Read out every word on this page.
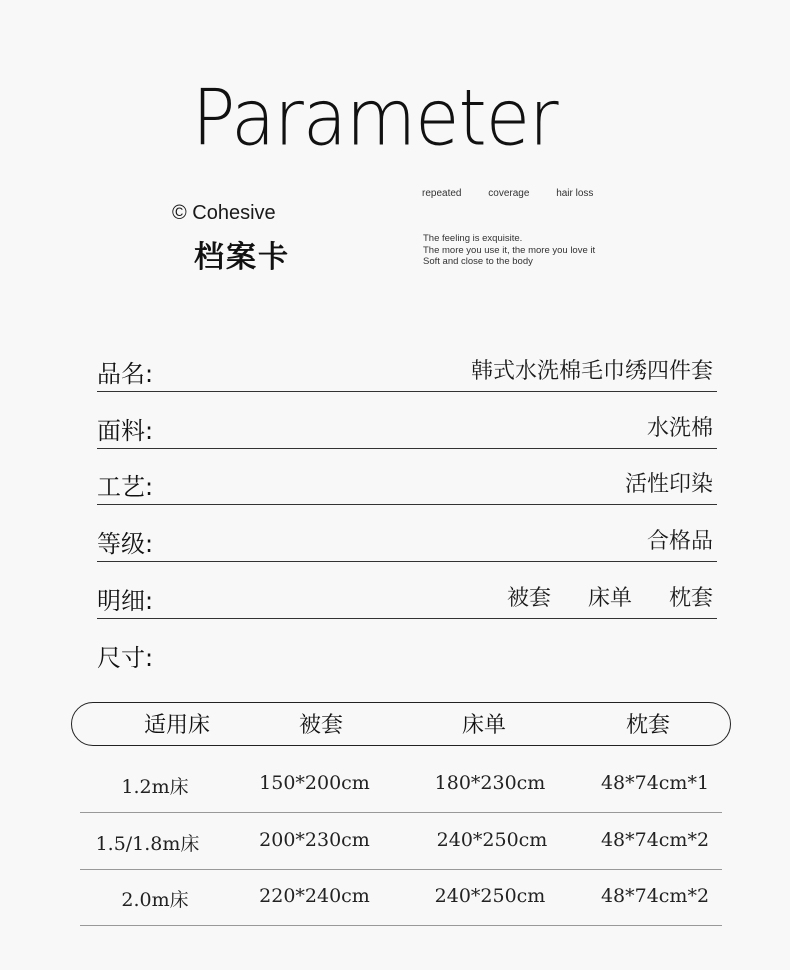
Parameter
© Cohesive
档案卡
repeated	coverage	hair loss
The feeling is exquisite.
The more you use it, the more you love it
Soft and close to the body
品名:	韩式水洗棉毛巾绣四件套
面料:	水洗棉
工艺:	活性印染
等级:	合格品
明细:	被套 床单 枕套
尺寸:
适用床	被套	床单	枕套
1.2m床	150*200cm	180*230cm	48*74cm*1
1.5/1.8m床	200*230cm	240*250cm	48*74cm*2
2.0m床	220*240cm	240*250cm	48*74cm*2
